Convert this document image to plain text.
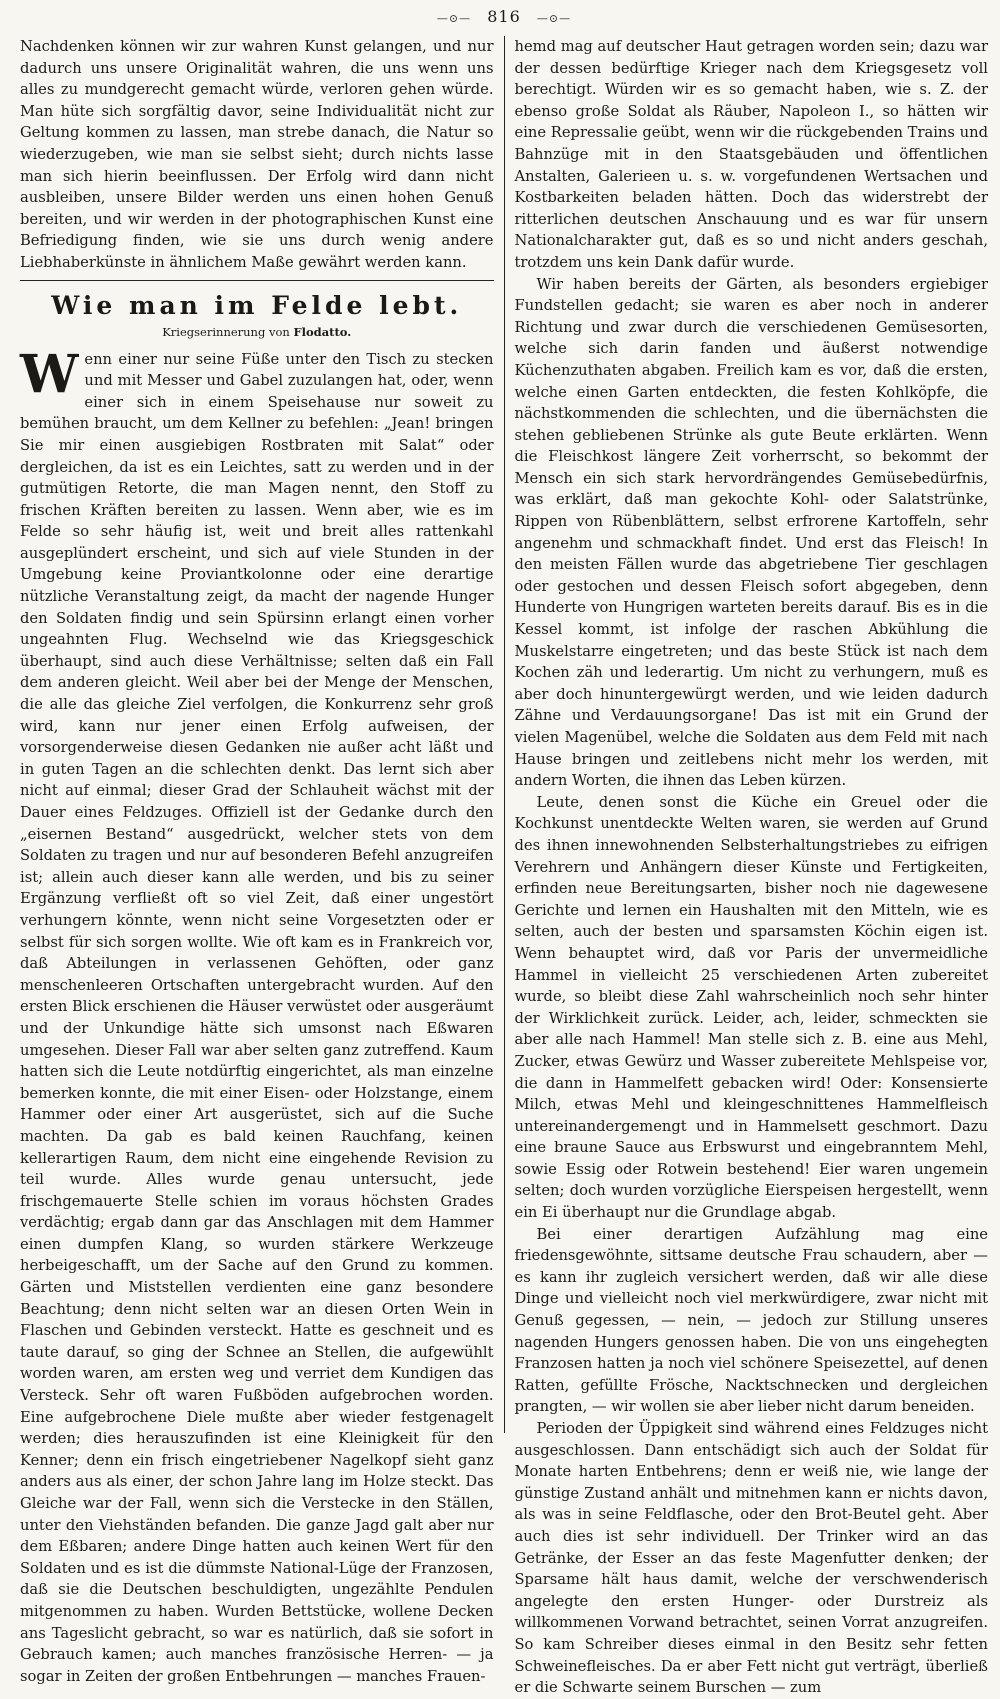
—⊙— 816 —⊙—

Nachdenken können wir zur wahren Kunst gelangen, und nur dadurch uns unsere Originalität wahren, die uns wenn uns alles zu mundgerecht gemacht würde, verloren gehen würde. Man hüte sich sorgfältig davor, seine Individualität nicht zur Geltung kommen zu lassen, man strebe danach, die Natur so wiederzugeben, wie man sie selbst sieht; durch nichts lasse man sich hierin beeinflussen. Der Erfolg wird dann nicht ausbleiben, unsere Bilder werden uns einen hohen Genuß bereiten, und wir werden in der photographischen Kunst eine Befriedigung finden, wie sie uns durch wenig andere Liebhaberkünste in ähnlichem Maße gewährt werden kann.

Wie man im Felde lebt.
Kriegserinnerung von Flodatto.

Wenn einer nur seine Füße unter den Tisch zu stecken und mit Messer und Gabel zuzulangen hat, oder, wenn einer sich in einem Speisehause nur soweit zu bemühen braucht, um dem Kellner zu befehlen: „Jean! bringen Sie mir einen ausgiebigen Rostbraten mit Salat“ oder dergleichen, da ist es ein Leichtes, satt zu werden und in der gutmütigen Retorte, die man Magen nennt, den Stoff zu frischen Kräften bereiten zu lassen. Wenn aber, wie es im Felde so sehr häufig ist, weit und breit alles rattenkahl ausgeplündert erscheint, und sich auf viele Stunden in der Umgebung keine Proviantkolonne oder eine derartige nützliche Veranstaltung zeigt, da macht der nagende Hunger den Soldaten findig und sein Spürsinn erlangt einen vorher ungeahnten Flug. Wechselnd wie das Kriegsgeschick überhaupt, sind auch diese Verhältnisse; selten daß ein Fall dem anderen gleicht. Weil aber bei der Menge der Menschen, die alle das gleiche Ziel verfolgen, die Konkurrenz sehr groß wird, kann nur jener einen Erfolg aufweisen, der vorsorgenderweise diesen Gedanken nie außer acht läßt und in guten Tagen an die schlechten denkt. Das lernt sich aber nicht auf einmal; dieser Grad der Schlauheit wächst mit der Dauer eines Feldzuges. Offiziell ist der Gedanke durch den „eisernen Bestand“ ausgedrückt, welcher stets von dem Soldaten zu tragen und nur auf besonderen Befehl anzugreifen ist; allein auch dieser kann alle werden, und bis zu seiner Ergänzung verfließt oft so viel Zeit, daß einer ungestört verhungern könnte, wenn nicht seine Vorgesetzten oder er selbst für sich sorgen wollte. Wie oft kam es in Frankreich vor, daß Abteilungen in verlassenen Gehöften, oder ganz menschenleeren Ortschaften untergebracht wurden. Auf den ersten Blick erschienen die Häuser verwüstet oder ausgeräumt und der Unkundige hätte sich umsonst nach Eßwaren umgesehen. Dieser Fall war aber selten ganz zutreffend. Kaum hatten sich die Leute notdürftig eingerichtet, als man einzelne bemerken konnte, die mit einer Eisen- oder Holzstange, einem Hammer oder einer Art ausgerüstet, sich auf die Suche machten. Da gab es bald keinen Rauchfang, keinen kellerartigen Raum, dem nicht eine eingehende Revision zu teil wurde. Alles wurde genau untersucht, jede frischgemauerte Stelle schien im voraus höchsten Grades verdächtig; ergab dann gar das Anschlagen mit dem Hammer einen dumpfen Klang, so wurden stärkere Werkzeuge herbeigeschafft, um der Sache auf den Grund zu kommen. Gärten und Miststellen verdienten eine ganz besondere Beachtung; denn nicht selten war an diesen Orten Wein in Flaschen und Gebinden versteckt. Hatte es geschneit und es taute darauf, so ging der Schnee an Stellen, die aufgewühlt worden waren, am ersten weg und verriet dem Kundigen das Versteck. Sehr oft waren Fußböden aufgebrochen worden. Eine aufgebrochene Diele mußte aber wieder festgenagelt werden; dies herauszufinden ist eine Kleinigkeit für den Kenner; denn ein frisch eingetriebener Nagelkopf sieht ganz anders aus als einer, der schon Jahre lang im Holze steckt. Das Gleiche war der Fall, wenn sich die Verstecke in den Ställen, unter den Viehständen befanden. Die ganze Jagd galt aber nur dem Eßbaren; andere Dinge hatten auch keinen Wert für den Soldaten und es ist die dümmste National-Lüge der Franzosen, daß sie die Deutschen beschuldigten, ungezählte Pendulen mitgenommen zu haben. Wurden Bettstücke, wollene Decken ans Tageslicht gebracht, so war es natürlich, daß sie sofort in Gebrauch kamen; auch manches französische Herren- — ja sogar in Zeiten der großen Entbehrungen — manches Frauen-

hemd mag auf deutscher Haut getragen worden sein; dazu war der dessen bedürftige Krieger nach dem Kriegsgesetz voll berechtigt. Würden wir es so gemacht haben, wie s. Z. der ebenso große Soldat als Räuber, Napoleon I., so hätten wir eine Repressalie geübt, wenn wir die rückgebenden Trains und Bahnzüge mit in den Staatsgebäuden und öffentlichen Anstalten, Galerieen u. s. w. vorgefundenen Wertsachen und Kostbarkeiten beladen hätten. Doch das widerstrebt der ritterlichen deutschen Anschauung und es war für unsern Nationalcharakter gut, daß es so und nicht anders geschah, trotzdem uns kein Dank dafür wurde.

Wir haben bereits der Gärten, als besonders ergiebiger Fundstellen gedacht; sie waren es aber noch in anderer Richtung und zwar durch die verschiedenen Gemüsesorten, welche sich darin fanden und äußerst notwendige Küchenzuthaten abgaben. Freilich kam es vor, daß die ersten, welche einen Garten entdeckten, die festen Kohlköpfe, die nächstkommenden die schlechten, und die übernächsten die stehen gebliebenen Strünke als gute Beute erklärten. Wenn die Fleischkost längere Zeit vorherrscht, so bekommt der Mensch ein sich stark hervordrängendes Gemüsebedürfnis, was erklärt, daß man gekochte Kohl- oder Salatstrünke, Rippen von Rübenblättern, selbst erfrorene Kartoffeln, sehr angenehm und schmackhaft findet. Und erst das Fleisch! In den meisten Fällen wurde das abgetriebene Tier geschlagen oder gestochen und dessen Fleisch sofort abgegeben, denn Hunderte von Hungrigen warteten bereits darauf. Bis es in die Kessel kommt, ist infolge der raschen Abkühlung die Muskelstarre eingetreten; und das beste Stück ist nach dem Kochen zäh und lederartig. Um nicht zu verhungern, muß es aber doch hinuntergewürgt werden, und wie leiden dadurch Zähne und Verdauungsorgane! Das ist mit ein Grund der vielen Magenübel, welche die Soldaten aus dem Feld mit nach Hause bringen und zeitlebens nicht mehr los werden, mit andern Worten, die ihnen das Leben kürzen.

Leute, denen sonst die Küche ein Greuel oder die Kochkunst unentdeckte Welten waren, sie werden auf Grund des ihnen innewohnenden Selbsterhaltungstriebes zu eifrigen Verehrern und Anhängern dieser Künste und Fertigkeiten, erfinden neue Bereitungsarten, bisher noch nie dagewesene Gerichte und lernen ein Haushalten mit den Mitteln, wie es selten, auch der besten und sparsamsten Köchin eigen ist. Wenn behauptet wird, daß vor Paris der unvermeidliche Hammel in vielleicht 25 verschiedenen Arten zubereitet wurde, so bleibt diese Zahl wahrscheinlich noch sehr hinter der Wirklichkeit zurück. Leider, ach, leider, schmeckten sie aber alle nach Hammel! Man stelle sich z. B. eine aus Mehl, Zucker, etwas Gewürz und Wasser zubereitete Mehlspeise vor, die dann in Hammelfett gebacken wird! Oder: Konsensierte Milch, etwas Mehl und kleingeschnittenes Hammelfleisch untereinandergemengt und in Hammelsett geschmort. Dazu eine braune Sauce aus Erbswurst und eingebranntem Mehl, sowie Essig oder Rotwein bestehend! Eier waren ungemein selten; doch wurden vorzügliche Eierspeisen hergestellt, wenn ein Ei überhaupt nur die Grundlage abgab.

Bei einer derartigen Aufzählung mag eine friedensgewöhnte, sittsame deutsche Frau schaudern, aber — es kann ihr zugleich versichert werden, daß wir alle diese Dinge und vielleicht noch viel merkwürdigere, zwar nicht mit Genuß gegessen, — nein, — jedoch zur Stillung unseres nagenden Hungers genossen haben. Die von uns eingehegten Franzosen hatten ja noch viel schönere Speisezettel, auf denen Ratten, gefüllte Frösche, Nacktschnecken und dergleichen prangten, — wir wollen sie aber lieber nicht darum beneiden.

Perioden der Üppigkeit sind während eines Feldzuges nicht ausgeschlossen. Dann entschädigt sich auch der Soldat für Monate harten Entbehrens; denn er weiß nie, wie lange der günstige Zustand anhält und mitnehmen kann er nichts davon, als was in seine Feldflasche, oder den Brot-Beutel geht. Aber auch dies ist sehr individuell. Der Trinker wird an das Getränke, der Esser an das feste Magenfutter denken; der Sparsame hält haus damit, welche der verschwenderisch angelegte den ersten Hunger- oder Durstreiz als willkommenen Vorwand betrachtet, seinen Vorrat anzugreifen. So kam Schreiber dieses einmal in den Besitz sehr fetten Schweinefleisches. Da er aber Fett nicht gut verträgt, überließ er die Schwarte seinem Burschen — zum
